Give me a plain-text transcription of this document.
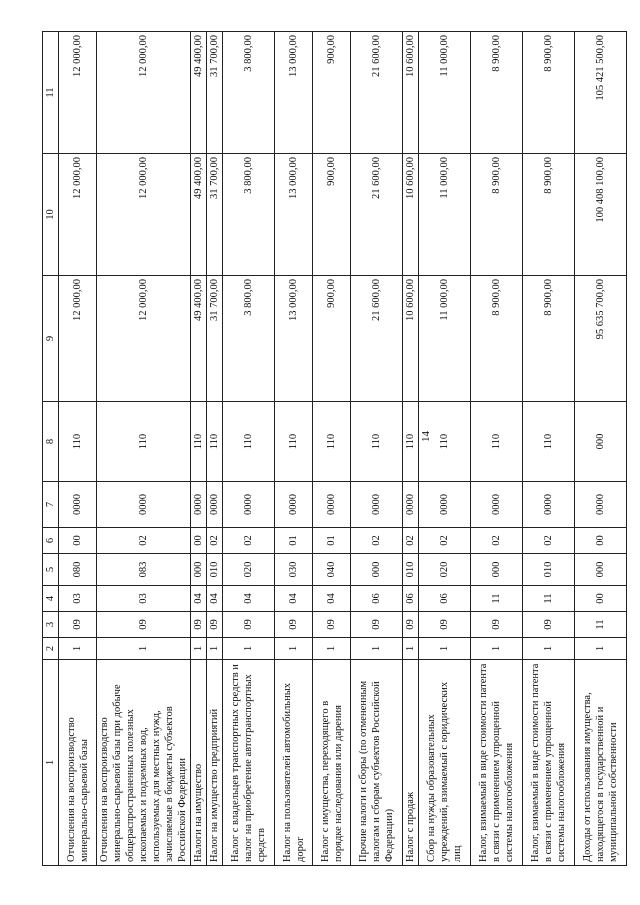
14
1	2	3	4	5	6	7	8	9	10	11
Отчисления на воспроизводство минерально-сырьевой базы	1	09	03	080	00	0000	110	12 000,00	12 000,00	12 000,00
Отчисления на воспроизводство минерально-сырьевой базы при добыче общераспространенных полезных ископаемых и подземных вод, используемых для местных нужд, зачисляемые в бюджеты субъектов Российской Федерации	1	09	03	083	02	0000	110	12 000,00	12 000,00	12 000,00
Налоги на имущество	1	09	04	000	00	0000	110	49 400,00	49 400,00	49 400,00
Налог на имущество предприятий	1	09	04	010	02	0000	110	31 700,00	31 700,00	31 700,00
Налог с владельцев транспортных средств и налог на приобретение автотранспортных средств	1	09	04	020	02	0000	110	3 800,00	3 800,00	3 800,00
Налог на пользователей автомобильных дорог	1	09	04	030	01	0000	110	13 000,00	13 000,00	13 000,00
Налог с имущества, переходящего в порядке наследования или дарения	1	09	04	040	01	0000	110	900,00	900,00	900,00
Прочие налоги и сборы (по отмененным налогам и сборам субъектов Российской Федерации)	1	09	06	000	02	0000	110	21 600,00	21 600,00	21 600,00
Налог с продаж	1	09	06	010	02	0000	110	10 600,00	10 600,00	10 600,00
Сбор на нужды образовательных учреждений, взимаемый с юридических лиц	1	09	06	020	02	0000	110	11 000,00	11 000,00	11 000,00
Налог, взимаемый в виде стоимости патента в связи с применением упрощенной системы налогообложения	1	09	11	000	02	0000	110	8 900,00	8 900,00	8 900,00
Налог, взимаемый в виде стоимости патента в связи с применением упрощенной системы налогообложения	1	09	11	010	02	0000	110	8 900,00	8 900,00	8 900,00
Доходы от использования имущества, находящегося в государственной и муниципальной собственности	1	11	00	000	00	0000	000	95 635 700,00	100 408 100,00	105 421 500,00
